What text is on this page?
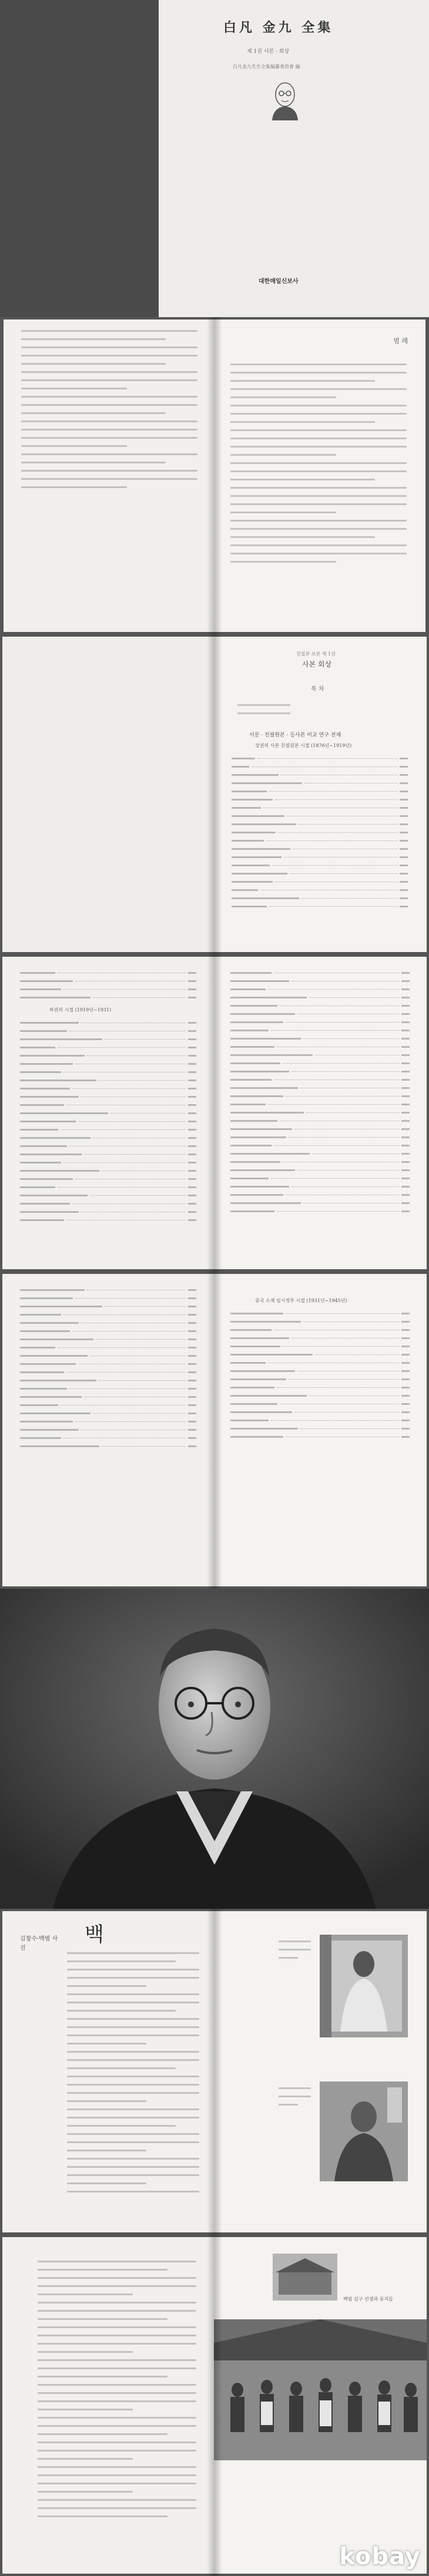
白凡 金九 全集
제 1권 사본 · 회상
白凡金九先生全集編纂委員會 編
대한매일신보사
범 례
친필본·보본 제 1권
사본 회상
목 차
서문 · 친필원본 · 등사본 비교 연구 전재
상권의 사본 친필원본 시절 (1876년~1919년)
하권의 시절 (1919년~1931)
중국 소재 임시정부 시절 (1931년~1945년)
김창수·백범 사진
백
백범 김구 선생과 동지들
kobay
